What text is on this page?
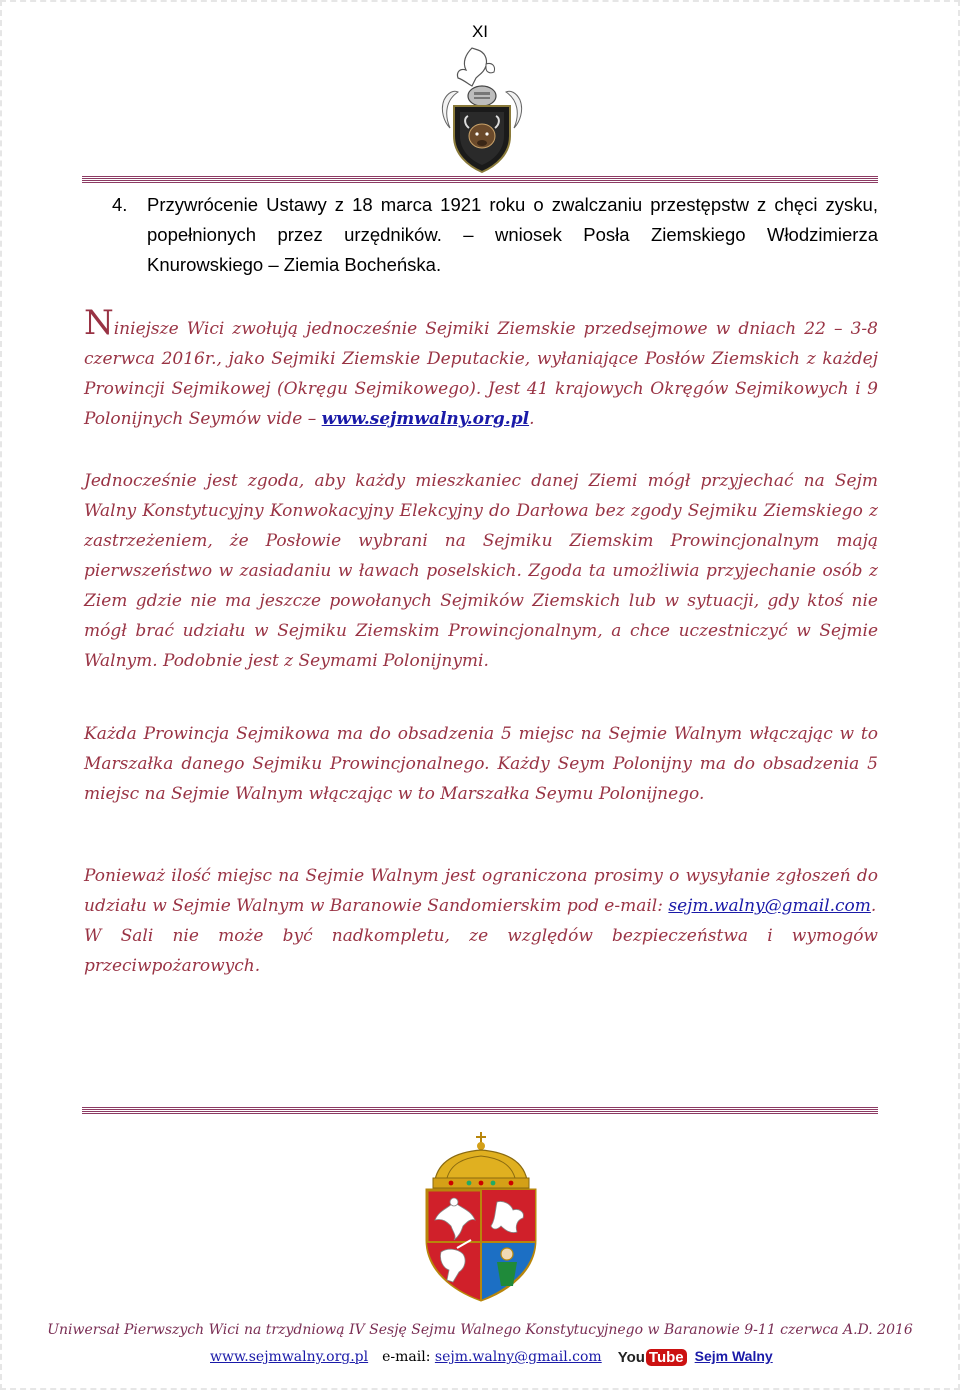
XI
4. Przywrócenie Ustawy z 18 marca 1921 roku o zwalczaniu przestępstw z chęci zysku, popełnionych przez urzędników. – wniosek Posła Ziemskiego Włodzimierza Knurowskiego – Ziemia Bocheńska.
Niniejsze Wici zwołują jednocześnie Sejmiki Ziemskie przedsejmowe w dniach 22 – 3-8 czerwca 2016r., jako Sejmiki Ziemskie Deputackie, wyłaniające Posłów Ziemskich z każdej Prowincji Sejmikowej (Okręgu Sejmikowego). Jest 41 krajowych Okręgów Sejmikowych i 9 Polonijnych Seymów vide – www.sejmwalny.org.pl.
Jednocześnie jest zgoda, aby każdy mieszkaniec danej Ziemi mógł przyjechać na Sejm Walny Konstytucyjny Konwokacyjny Elekcyjny do Darłowa bez zgody Sejmiku Ziemskiego z zastrzeżeniem, że Posłowie wybrani na Sejmiku Ziemskim Prowincjonalnym mają pierwszeństwo w zasiadaniu w ławach poselskich. Zgoda ta umożliwia przyjechanie osób z Ziem gdzie nie ma jeszcze powołanych Sejmików Ziemskich lub w sytuacji, gdy ktoś nie mógł brać udziału w Sejmiku Ziemskim Prowincjonalnym, a chce uczestniczyć w Sejmie Walnym. Podobnie jest z Seymami Polonijnymi.
Każda Prowincja Sejmikowa ma do obsadzenia 5 miejsc na Sejmie Walnym włączając w to Marszałka danego Sejmiku Prowincjonalnego. Każdy Seym Polonijny ma do obsadzenia 5 miejsc na Sejmie Walnym włączając w to Marszałka Seymu Polonijnego.
Ponieważ ilość miejsc na Sejmie Walnym jest ograniczona prosimy o wysyłanie zgłoszeń do udziału w Sejmie Walnym w Baranowie Sandomierskim pod e-mail: sejm.walny@gmail.com.
W Sali nie może być nadkompletu, ze względów bezpieczeństwa i wymogów przeciwpożarowych.
Uniwersał Pierwszych Wici na trzydniową IV Sesję Sejmu Walnego Konstytucyjnego w Baranowie 9-11 czerwca A.D. 2016
www.sejmwalny.org.pl e-mail: sejm.walny@gmail.com You Tube Sejm Walny
